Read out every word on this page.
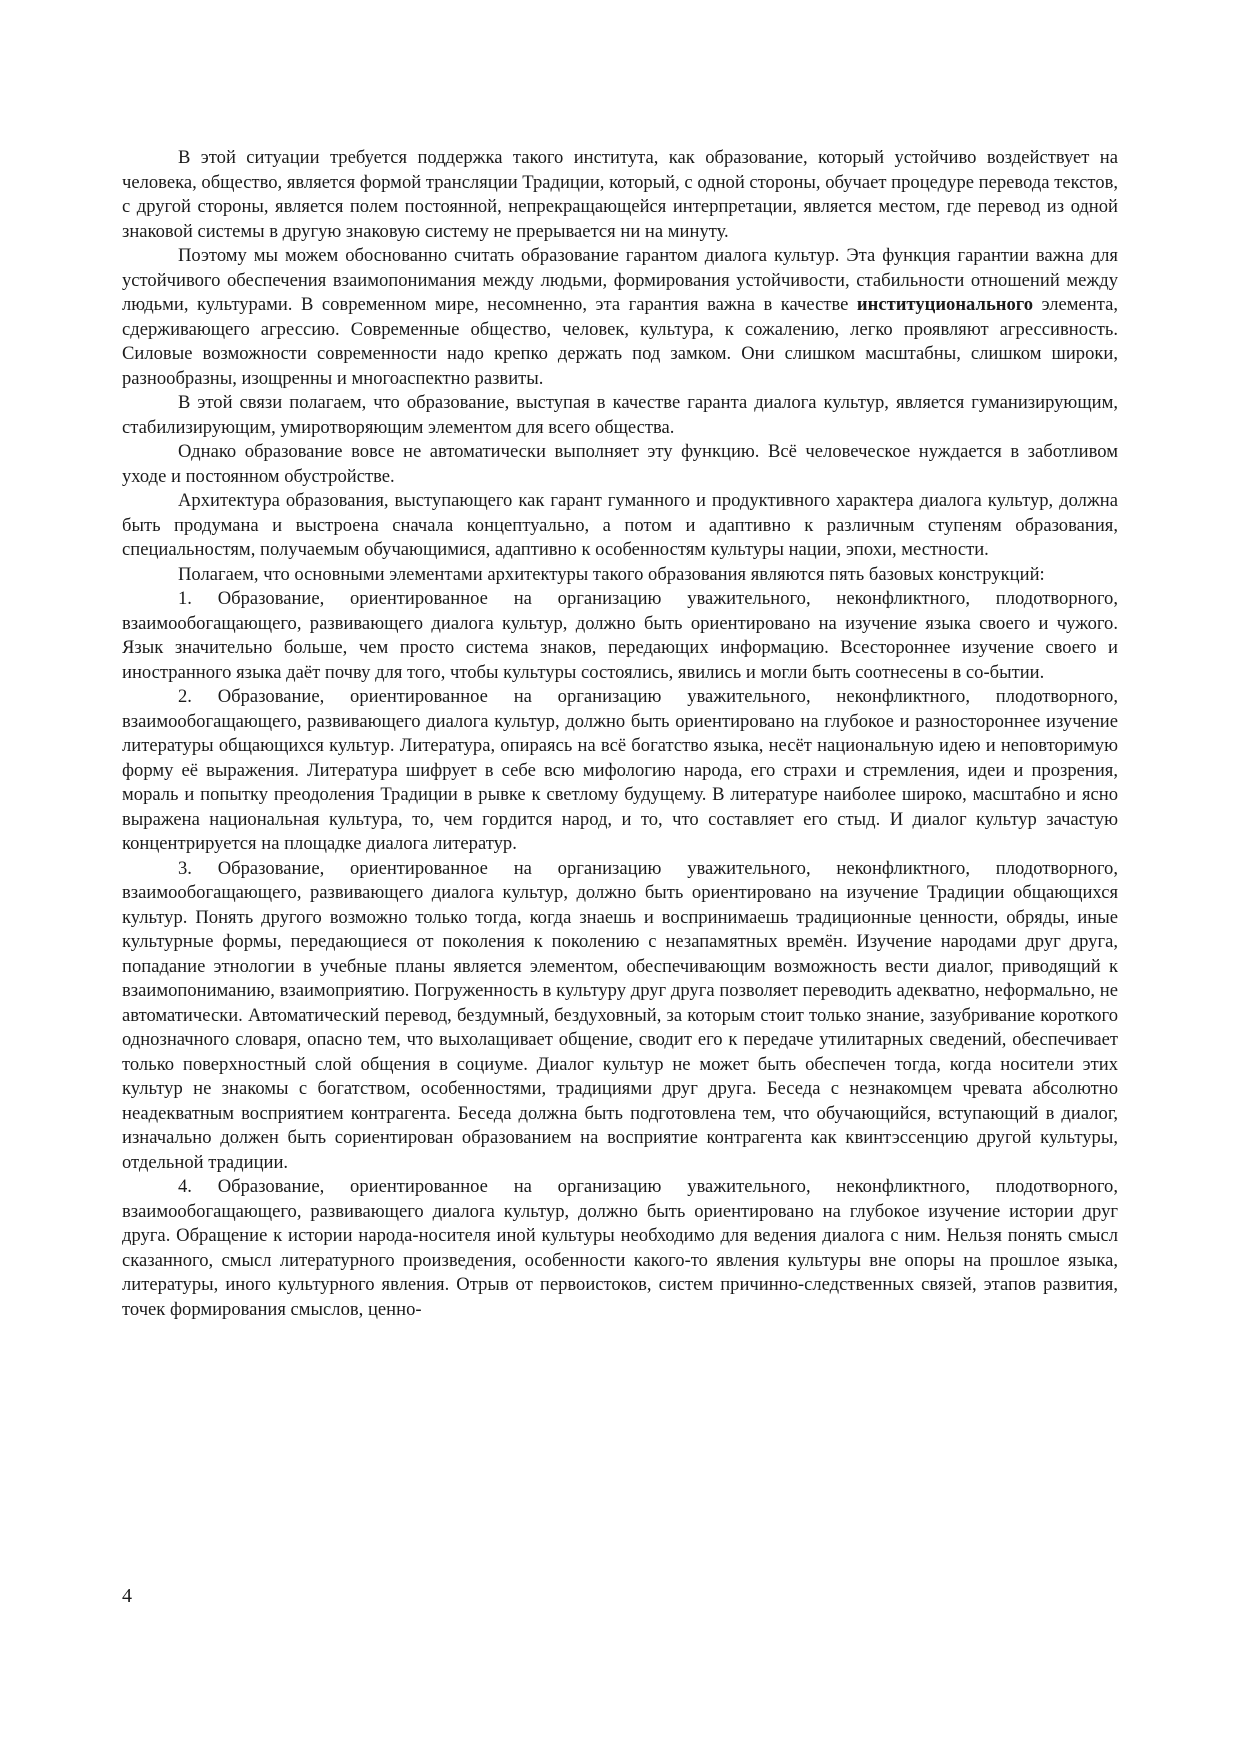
В этой ситуации требуется поддержка такого института, как образование, который устойчиво воздействует на человека, общество, является формой трансляции Традиции, который, с одной стороны, обучает процедуре перевода текстов, с другой стороны, является полем постоянной, непрекращающейся интерпретации, является местом, где перевод из одной знаковой системы в другую знаковую систему не прерывается ни на минуту.

Поэтому мы можем обоснованно считать образование гарантом диалога культур. Эта функция гарантии важна для устойчивого обеспечения взаимопонимания между людьми, формирования устойчивости, стабильности отношений между людьми, культурами. В современном мире, несомненно, эта гарантия важна в качестве институционального элемента, сдерживающего агрессию. Современные общество, человек, культура, к сожалению, легко проявляют агрессивность. Силовые возможности современности надо крепко держать под замком. Они слишком масштабны, слишком широки, разнообразны, изощренны и многоаспектно развиты.

В этой связи полагаем, что образование, выступая в качестве гаранта диалога культур, является гуманизирующим, стабилизирующим, умиротворяющим элементом для всего общества.

Однако образование вовсе не автоматически выполняет эту функцию. Всё человеческое нуждается в заботливом уходе и постоянном обустройстве.

Архитектура образования, выступающего как гарант гуманного и продуктивного характера диалога культур, должна быть продумана и выстроена сначала концептуально, а потом и адаптивно к различным ступеням образования, специальностям, получаемым обучающимися, адаптивно к особенностям культуры нации, эпохи, местности.

Полагаем, что основными элементами архитектуры такого образования являются пять базовых конструкций:

1. Образование, ориентированное на организацию уважительного, неконфликтного, плодотворного, взаимообогащающего, развивающего диалога культур, должно быть ориентировано на изучение языка своего и чужого. Язык значительно больше, чем просто система знаков, передающих информацию. Всестороннее изучение своего и иностранного языка даёт почву для того, чтобы культуры состоялись, явились и могли быть соотнесены в со-бытии.

2. Образование, ориентированное на организацию уважительного, неконфликтного, плодотворного, взаимообогащающего, развивающего диалога культур, должно быть ориентировано на глубокое и разностороннее изучение литературы общающихся культур. Литература, опираясь на всё богатство языка, несёт национальную идею и неповторимую форму её выражения. Литература шифрует в себе всю мифологию народа, его страхи и стремления, идеи и прозрения, мораль и попытку преодоления Традиции в рывке к светлому будущему. В литературе наиболее широко, масштабно и ясно выражена национальная культура, то, чем гордится народ, и то, что составляет его стыд. И диалог культур зачастую концентрируется на площадке диалога литератур.

3. Образование, ориентированное на организацию уважительного, неконфликтного, плодотворного, взаимообогащающего, развивающего диалога культур, должно быть ориентировано на изучение Традиции общающихся культур. Понять другого возможно только тогда, когда знаешь и воспринимаешь традиционные ценности, обряды, иные культурные формы, передающиеся от поколения к поколению с незапамятных времён. Изучение народами друг друга, попадание этнологии в учебные планы является элементом, обеспечивающим возможность вести диалог, приводящий к взаимопониманию, взаимоприятию. Погруженность в культуру друг друга позволяет переводить адекватно, неформально, не автоматически. Автоматический перевод, бездумный, бездуховный, за которым стоит только знание, зазубривание короткого однозначного словаря, опасно тем, что выхолащивает общение, сводит его к передаче утилитарных сведений, обеспечивает только поверхностный слой общения в социуме. Диалог культур не может быть обеспечен тогда, когда носители этих культур не знакомы с богатством, особенностями, традициями друг друга. Беседа с незнакомцем чревата абсолютно неадекватным восприятием контрагента. Беседа должна быть подготовлена тем, что обучающийся, вступающий в диалог, изначально должен быть сориентирован образованием на восприятие контрагента как квинтэссенцию другой культуры, отдельной традиции.

4. Образование, ориентированное на организацию уважительного, неконфликтного, плодотворного, взаимообогащающего, развивающего диалога культур, должно быть ориентировано на глубокое изучение истории друг друга. Обращение к истории народа-носителя иной культуры необходимо для ведения диалога с ним. Нельзя понять смысл сказанного, смысл литературного произведения, особенности какого-то явления культуры вне опоры на прошлое языка, литературы, иного культурного явления. Отрыв от первоистоков, систем причинно-следственных связей, этапов развития, точек формирования смыслов, ценно-

4
